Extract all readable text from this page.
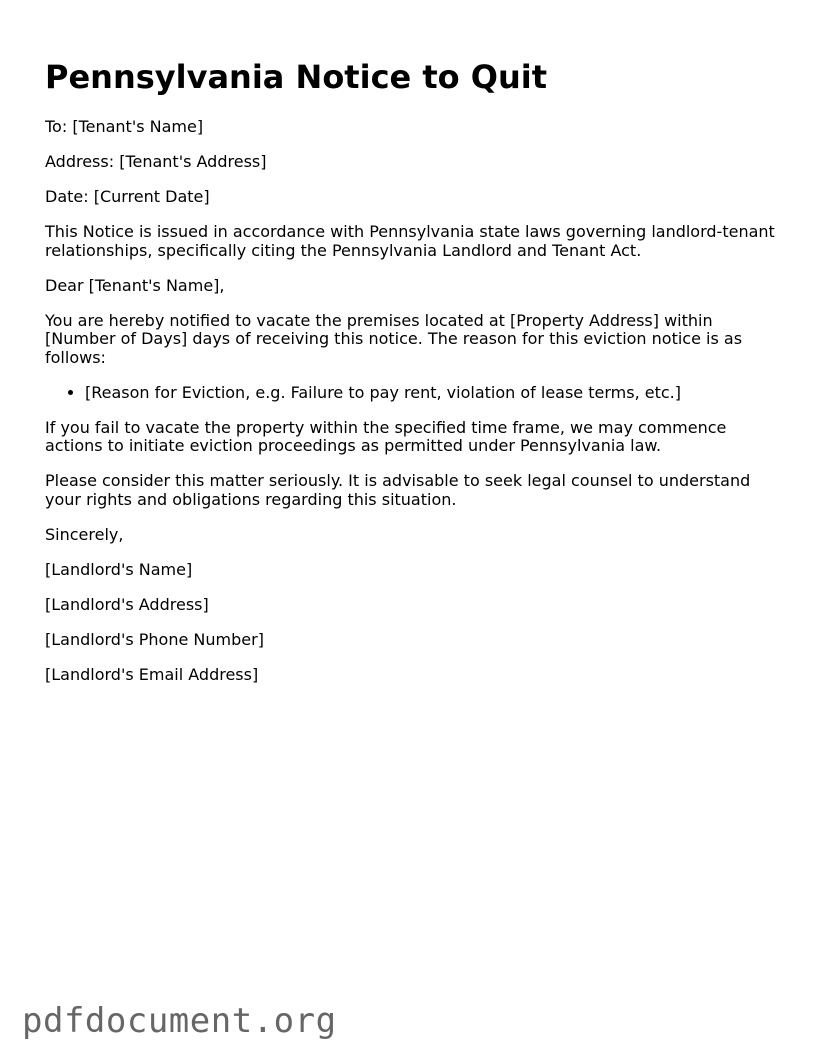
Pennsylvania Notice to Quit

To: [Tenant's Name]

Address: [Tenant's Address]

Date: [Current Date]

This Notice is issued in accordance with Pennsylvania state laws governing landlord-tenant relationships, specifically citing the Pennsylvania Landlord and Tenant Act.

Dear [Tenant's Name],

You are hereby notified to vacate the premises located at [Property Address] within [Number of Days] days of receiving this notice. The reason for this eviction notice is as follows:

• [Reason for Eviction, e.g. Failure to pay rent, violation of lease terms, etc.]

If you fail to vacate the property within the specified time frame, we may commence actions to initiate eviction proceedings as permitted under Pennsylvania law.

Please consider this matter seriously. It is advisable to seek legal counsel to understand your rights and obligations regarding this situation.

Sincerely,

[Landlord's Name]

[Landlord's Address]

[Landlord's Phone Number]

[Landlord's Email Address]

pdfdocument.org
